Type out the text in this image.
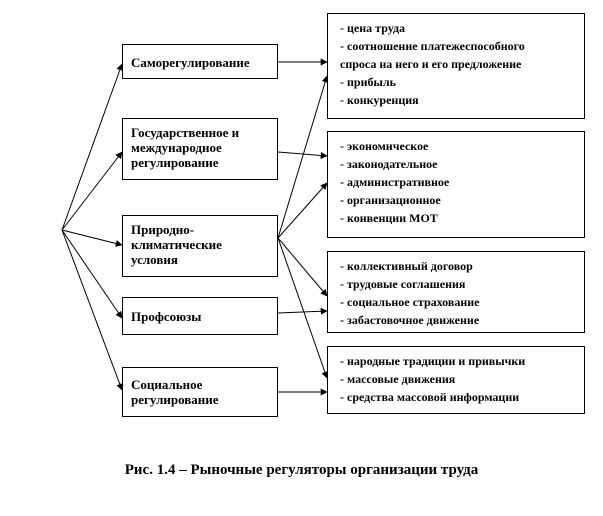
Саморегулирование
Государственное и
международное
регулирование
Природно-
климатические
условия
Профсоюзы
Социальное
регулирование
- цена труда
- соотношение платежеспособного
спроса на него и его предложение
- прибыль
- конкуренция
- экономическое
- законодательное
- административное
- организационное
- конвенции МОТ
- коллективный договор
- трудовые соглашения
- социальное страхование
- забастовочное движение
- народные традиции и привычки
- массовые движения
- средства массовой информации
Рис. 1.4 – Рыночные регуляторы организации труда
